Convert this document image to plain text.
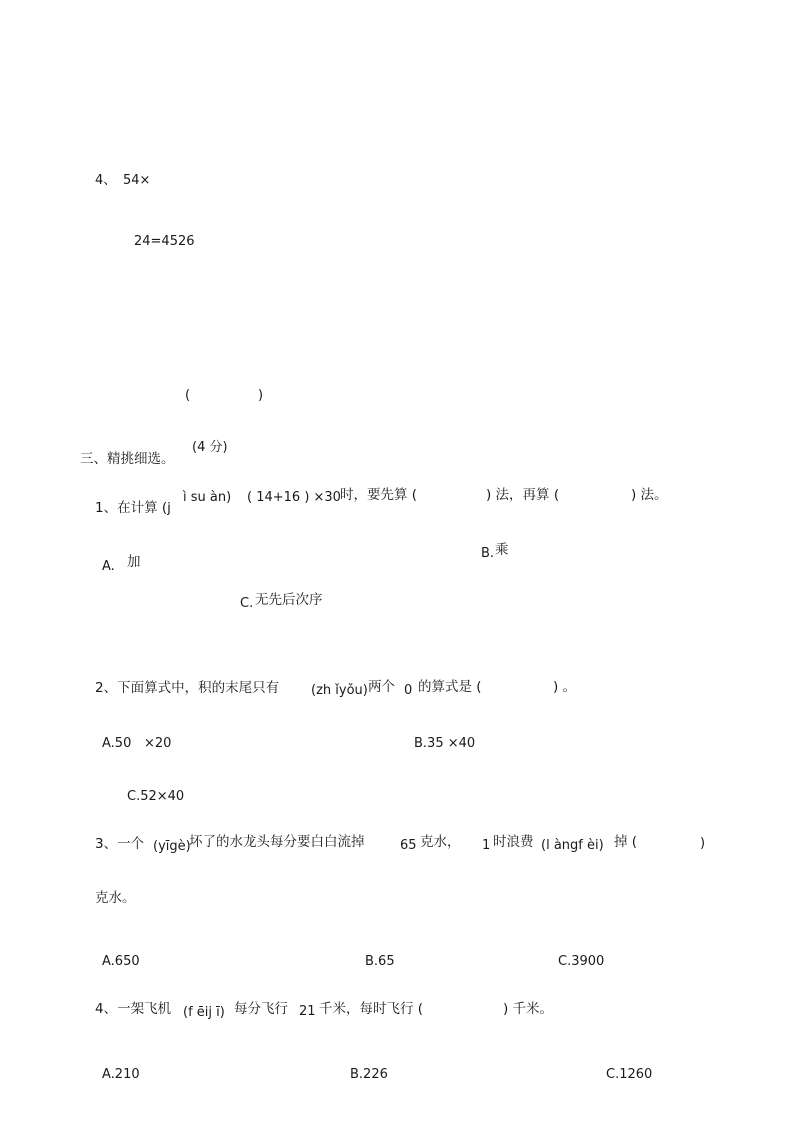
4、 54×
24=4526
(	)
三、精挑细选。
(4 分)
1、在计算 (j
ì su àn) ( 14+16 ) ×30 时，要先算 (	) 法，再算 (	) 法。
A. 加
B. 乘
C. 无先后次序
2、下面算式中，积的末尾只有 (zh ǐyǒu) 两个 0 的算式是 (	) 。
A.50 ×20	B.35 ×40
C.52×40
3、一个 (yīgè)
坏了的水龙头每分要白白流掉	65 克水， 1 时浪费 (l àngf èi) 掉 (	)
克水。
A.650	B.65	C.3900
4、一架飞机 (f ēij ī) 每分飞行 21 千米，每时飞行 (	) 千米。
A.210	B.226	C.1260
